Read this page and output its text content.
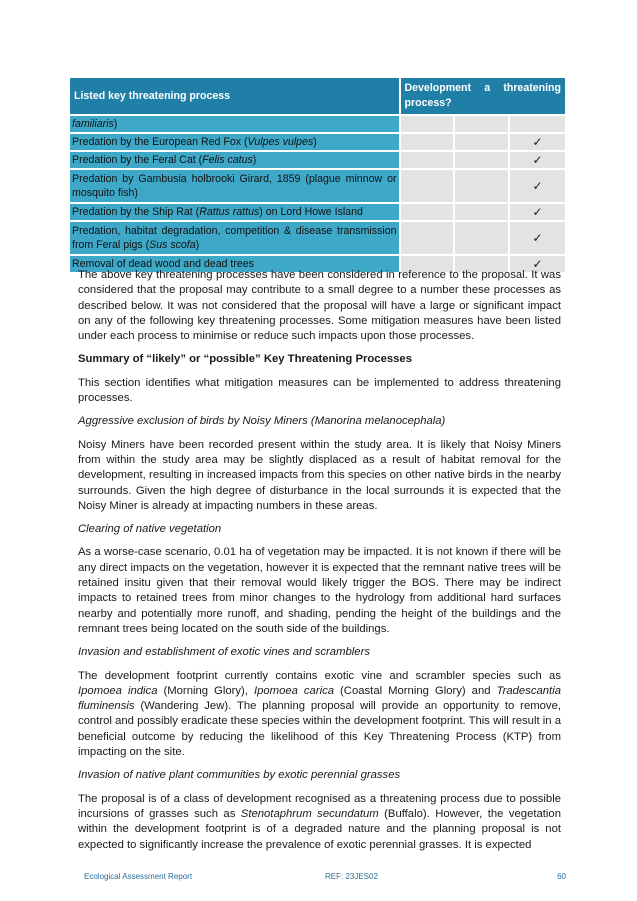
Listed key threatening process	Development a threatening process?		
familiaris)			
Predation by the European Red Fox (Vulpes vulpes)			✓
Predation by the Feral Cat (Felis catus)			✓
Predation by Gambusia holbrooki Girard, 1859 (plague minnow or mosquito fish)			✓
Predation by the Ship Rat (Rattus rattus) on Lord Howe Island			✓
Predation, habitat degradation, competition & disease transmission from Feral pigs (Sus scofa)			✓
Removal of dead wood and dead trees			✓

The above key threatening processes have been considered in reference to the proposal. It was considered that the proposal may contribute to a small degree to a number these processes as described below. It was not considered that the proposal will have a large or significant impact on any of the following key threatening processes. Some mitigation measures have been listed under each process to minimise or reduce such impacts upon those processes.

Summary of “likely” or “possible” Key Threatening Processes

This section identifies what mitigation measures can be implemented to address threatening processes.

Aggressive exclusion of birds by Noisy Miners (Manorina melanocephala)

Noisy Miners have been recorded present within the study area. It is likely that Noisy Miners from within the study area may be slightly displaced as a result of habitat removal for the development, resulting in increased impacts from this species on other native birds in the nearby surrounds. Given the high degree of disturbance in the local surrounds it is expected that the Noisy Miner is already at impacting numbers in these areas.

Clearing of native vegetation

As a worse-case scenario, 0.01 ha of vegetation may be impacted. It is not known if there will be any direct impacts on the vegetation, however it is expected that the remnant native trees will be retained insitu given that their removal would likely trigger the BOS. There may be indirect impacts to retained trees from minor changes to the hydrology from additional hard surfaces nearby and potentially more runoff, and shading, pending the height of the buildings and the remnant trees being located on the south side of the buildings.

Invasion and establishment of exotic vines and scramblers

The development footprint currently contains exotic vine and scrambler species such as Ipomoea indica (Morning Glory), Ipomoea carica (Coastal Morning Glory) and Tradescantia fluminensis (Wandering Jew). The planning proposal will provide an opportunity to remove, control and possibly eradicate these species within the development footprint. This will result in a beneficial outcome by reducing the likelihood of this Key Threatening Process (KTP) from impacting on the site.

Invasion of native plant communities by exotic perennial grasses

The proposal is of a class of development recognised as a threatening process due to possible incursions of grasses such as Stenotaphrum secundatum (Buffalo). However, the vegetation within the development footprint is of a degraded nature and the planning proposal is not expected to significantly increase the prevalence of exotic perennial grasses. It is expected

Ecological Assessment Report	REF: 23JES02	60
